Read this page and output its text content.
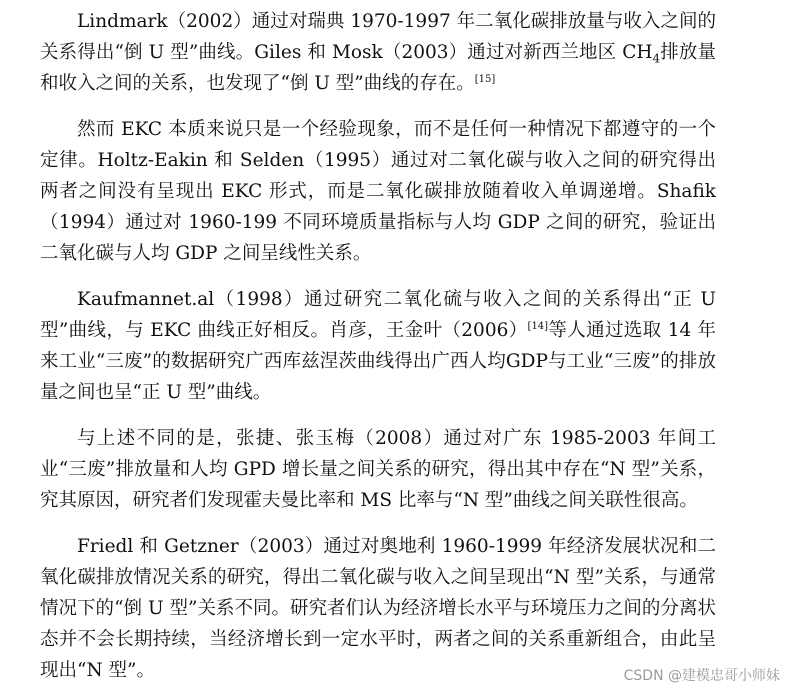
Lindmark（2002）通过对瑞典 1970-1997 年二氧化碳排放量与收入之间的关系得出“倒 U 型”曲线。Giles 和 Mosk（2003）通过对新西兰地区 $CH_4$排放量和收入之间的关系，也发现了“倒 U 型”曲线的存在。[15]

然而 EKC 本质来说只是一个经验现象，而不是任何一种情况下都遵守的一个定律。Holtz-Eakin 和 Selden（1995）通过对二氧化碳与收入之间的研究得出两者之间没有呈现出 EKC 形式，而是二氧化碳排放随着收入单调递增。Shafik（1994）通过对 1960-199 不同环境质量指标与人均 GDP 之间的研究，验证出二氧化碳与人均 GDP 之间呈线性关系。

Kaufmannet.al（1998）通过研究二氧化硫与收入之间的关系得出“正 U 型”曲线，与 EKC 曲线正好相反。肖彦，王金叶（2006）[14]等人通过选取 14 年来工业“三废”的数据研究广西库兹涅茨曲线得出广西人均GDP与工业“三废”的排放量之间也呈“正 U 型”曲线。

与上述不同的是，张捷、张玉梅（2008）通过对广东 1985-2003 年间工业“三废”排放量和人均 GPD 增长量之间关系的研究，得出其中存在“N 型”关系，究其原因，研究者们发现霍夫曼比率和 MS 比率与“N 型”曲线之间关联性很高。

Friedl 和 Getzner（2003）通过对奥地利 1960-1999 年经济发展状况和二氧化碳排放情况关系的研究，得出二氧化碳与收入之间呈现出“N 型”关系，与通常情况下的“倒 U 型”关系不同。研究者们认为经济增长水平与环境压力之间的分离状态并不会长期持续，当经济增长到一定水平时，两者之间的关系重新组合，由此呈现出“N 型”。	CSDN @建模忠哥小师妹
